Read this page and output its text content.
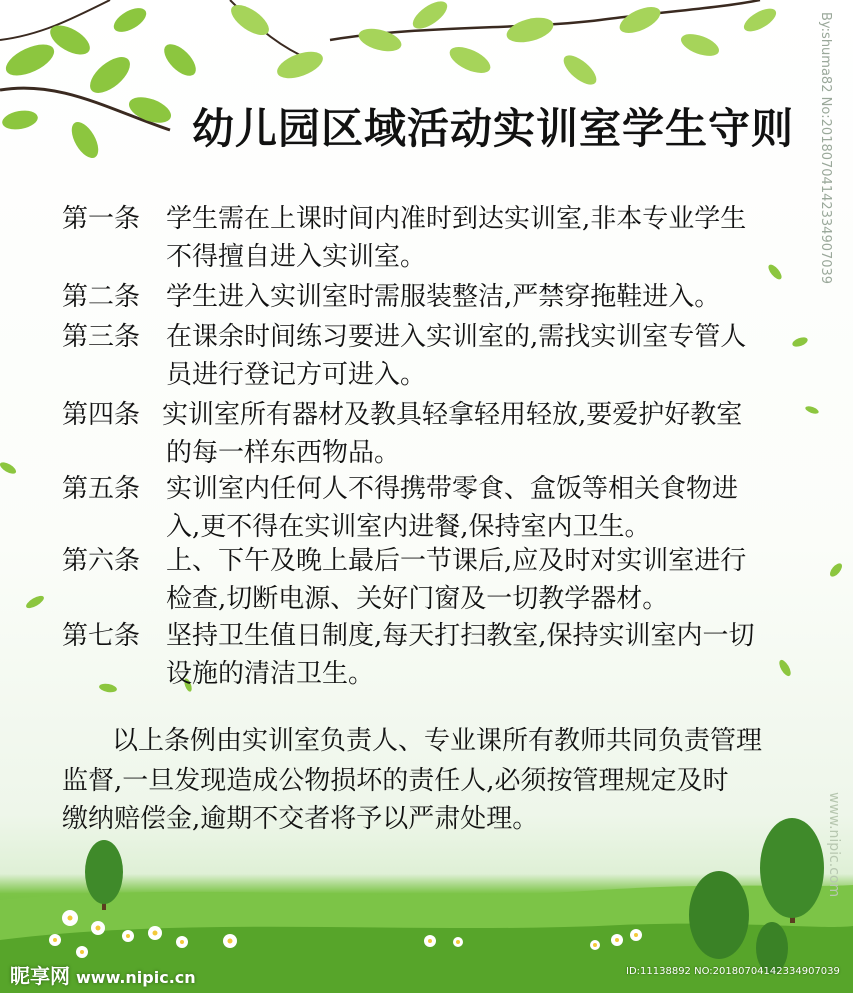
幼儿园区域活动实训室学生守则
第一条 学生需在上课时间内准时到达实训室,非本专业学生
不得擅自进入实训室。
第二条 学生进入实训室时需服装整洁,严禁穿拖鞋进入。
第三条 在课余时间练习要进入实训室的,需找实训室专管人
员进行登记方可进入。
第四条 实训室所有器材及教具轻拿轻用轻放,要爱护好教室
的每一样东西物品。
第五条 实训室内任何人不得携带零食、盒饭等相关食物进
入,更不得在实训室内进餐,保持室内卫生。
第六条 上、下午及晚上最后一节课后,应及时对实训室进行
检查,切断电源、关好门窗及一切教学器材。
第七条 坚持卫生值日制度,每天打扫教室,保持实训室内一切
设施的清洁卫生。
以上条例由实训室负责人、专业课所有教师共同负责管理
监督,一旦发现造成公物损坏的责任人,必须按管理规定及时
缴纳赔偿金,逾期不交者将予以严肃处理。
By:shuma82 No:20180704142334907039
www.nipic.com
昵享网 www.nipic.cn	ID:11138892 NO:20180704142334907039
